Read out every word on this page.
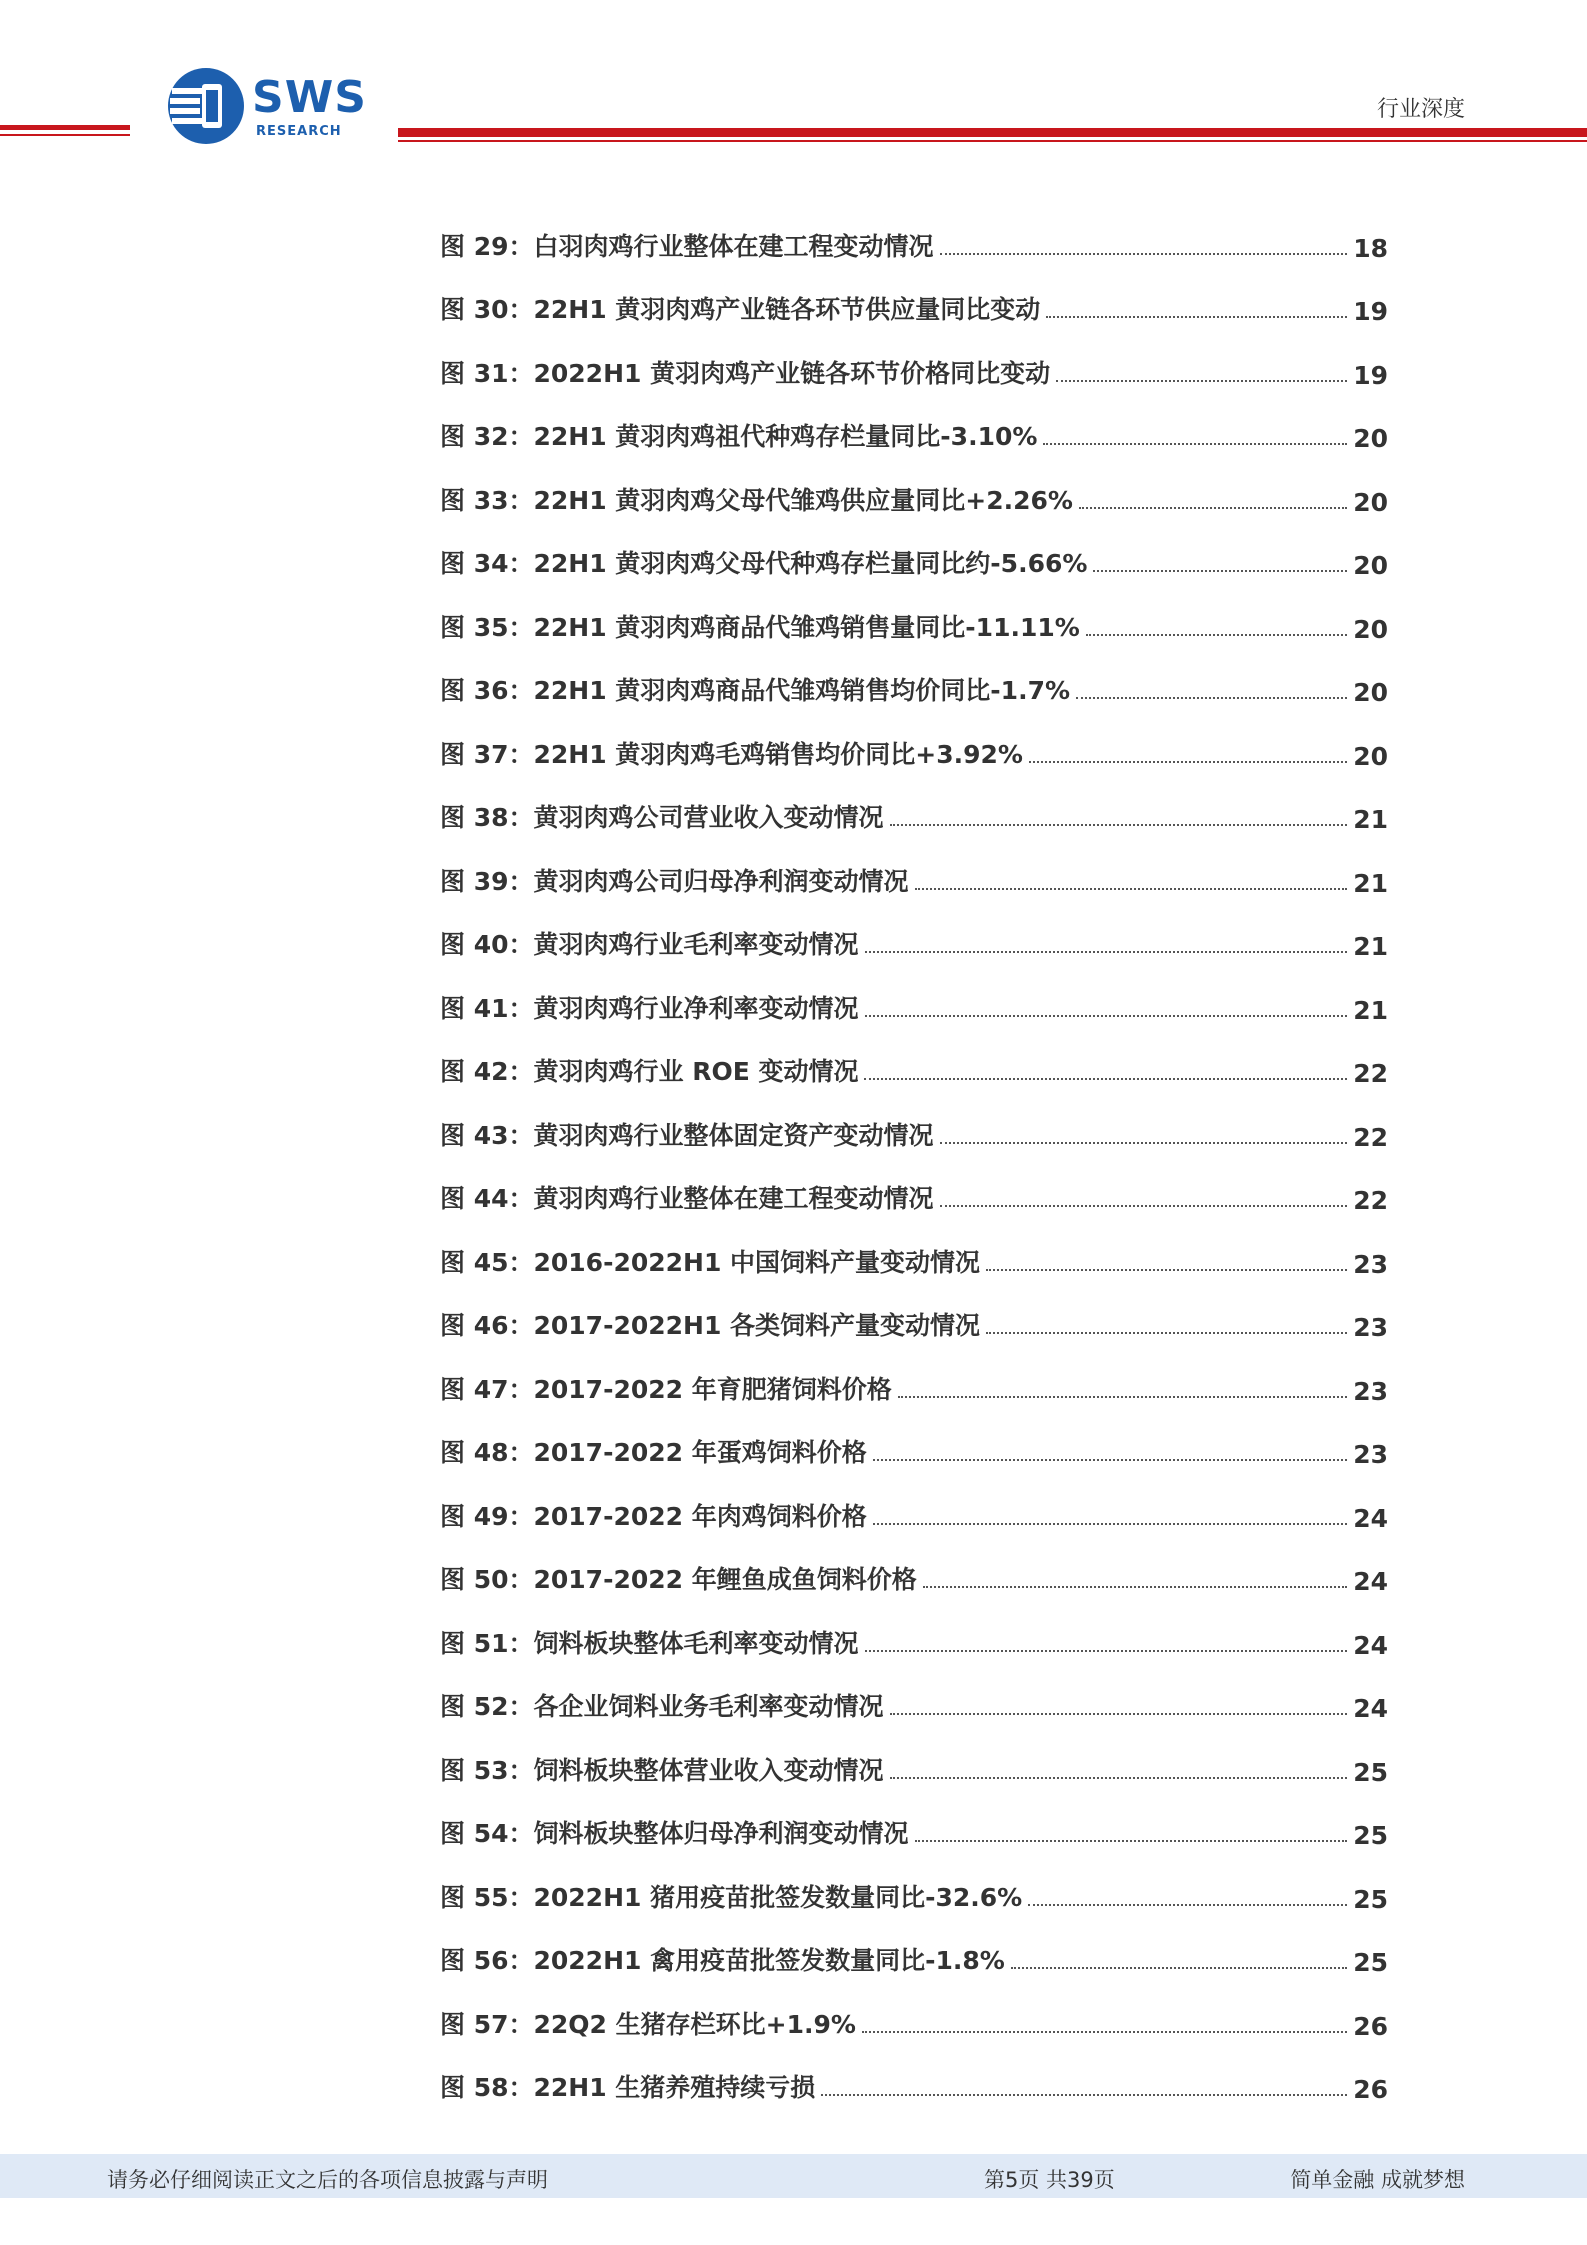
SWS
RESEARCH
行业深度
图 29：白羽肉鸡行业整体在建工程变动情况	18
图 30：22H1 黄羽肉鸡产业链各环节供应量同比变动	19
图 31：2022H1 黄羽肉鸡产业链各环节价格同比变动	19
图 32：22H1 黄羽肉鸡祖代种鸡存栏量同比-3.10%	20
图 33：22H1 黄羽肉鸡父母代雏鸡供应量同比+2.26%	20
图 34：22H1 黄羽肉鸡父母代种鸡存栏量同比约-5.66%	20
图 35：22H1 黄羽肉鸡商品代雏鸡销售量同比-11.11%	20
图 36：22H1 黄羽肉鸡商品代雏鸡销售均价同比-1.7%	20
图 37：22H1 黄羽肉鸡毛鸡销售均价同比+3.92%	20
图 38：黄羽肉鸡公司营业收入变动情况	21
图 39：黄羽肉鸡公司归母净利润变动情况	21
图 40：黄羽肉鸡行业毛利率变动情况	21
图 41：黄羽肉鸡行业净利率变动情况	21
图 42：黄羽肉鸡行业 ROE 变动情况	22
图 43：黄羽肉鸡行业整体固定资产变动情况	22
图 44：黄羽肉鸡行业整体在建工程变动情况	22
图 45：2016-2022H1 中国饲料产量变动情况	23
图 46：2017-2022H1 各类饲料产量变动情况	23
图 47：2017-2022 年育肥猪饲料价格	23
图 48：2017-2022 年蛋鸡饲料价格	23
图 49：2017-2022 年肉鸡饲料价格	24
图 50：2017-2022 年鲤鱼成鱼饲料价格	24
图 51：饲料板块整体毛利率变动情况	24
图 52：各企业饲料业务毛利率变动情况	24
图 53：饲料板块整体营业收入变动情况	25
图 54：饲料板块整体归母净利润变动情况	25
图 55：2022H1 猪用疫苗批签发数量同比-32.6%	25
图 56：2022H1 禽用疫苗批签发数量同比-1.8%	25
图 57：22Q2 生猪存栏环比+1.9%	26
图 58：22H1 生猪养殖持续亏损	26
请务必仔细阅读正文之后的各项信息披露与声明	第5页 共39页	简单金融 成就梦想
